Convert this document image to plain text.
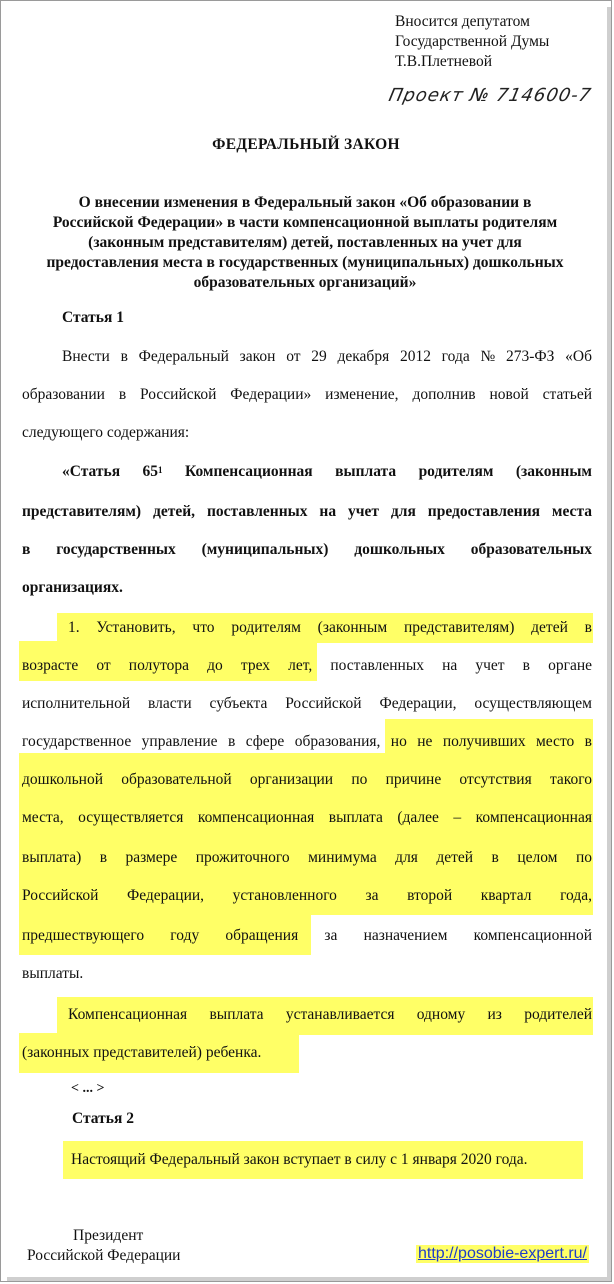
Вносится депутатом
Государственной Думы
Т.В.Плетневой
Проект № 714600-7
ФЕДЕРАЛЬНЫЙ ЗАКОН
О внесении изменения в Федеральный закон «Об образовании в
Российской Федерации» в части компенсационной выплаты родителям
(законным представителям) детей, поставленных на учет для
предоставления места в государственных (муниципальных) дошкольных
образовательных организаций»
Статья 1
Внести в Федеральный закон от 29 декабря 2012 года № 273-ФЗ «Об
образовании в Российской Федерации» изменение, дополнив новой статьей
следующего содержания:
«Статья $65^1$ Компенсационная выплата родителям (законным
представителям) детей, поставленных на учет для предоставления места
в государственных (муниципальных) дошкольных образовательных
организациях.
1. Установить, что родителям (законным представителям) детей в
возрасте от полутора до трех лет, поставленных на учет в органе
исполнительной власти субъекта Российской Федерации, осуществляющем
государственное управление в сфере образования, но не получивших место в
дошкольной образовательной организации по причине отсутствия такого
места, осуществляется компенсационная выплата (далее – компенсационная
выплата) в размере прожиточного минимума для детей в целом по
Российской Федерации, установленного за второй квартал года,
предшествующего году обращения за назначением компенсационной
выплаты.
Компенсационная выплата устанавливается одному из родителей
(законных представителей) ребенка.
< ... >
Статья 2
Настоящий Федеральный закон вступает в силу с 1 января 2020 года.
Президент
Российской Федерации	http://posobie-expert.ru/
